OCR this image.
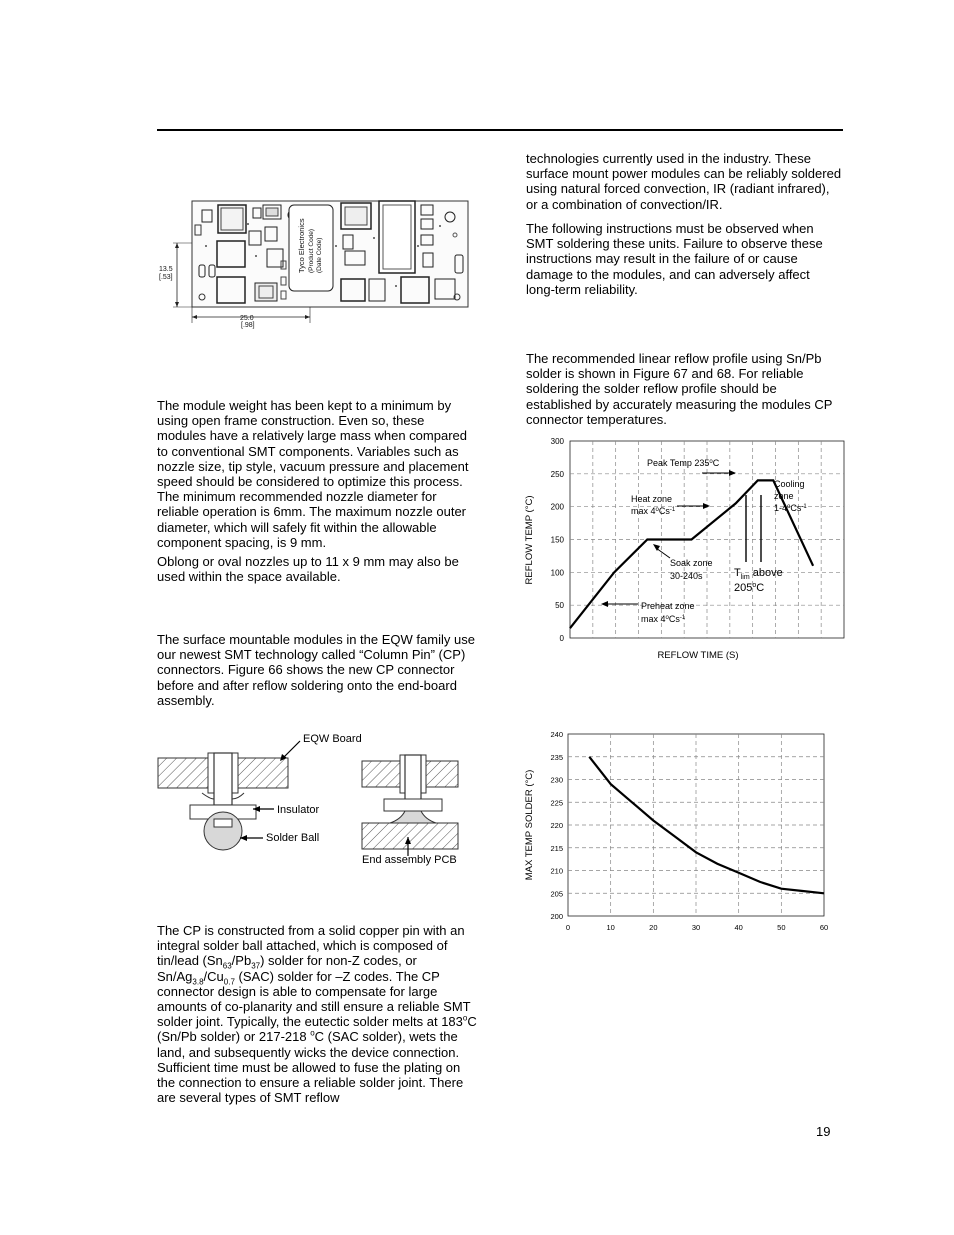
Tyco Electronics (Product Code) (Date Code)
13.5
[.53]
25.0
[.98]

The module weight has been kept to a minimum by using open frame construction. Even so, these modules have a relatively large mass when compared to conventional SMT components. Variables such as nozzle size, tip style, vacuum pressure and placement speed should be considered to optimize this process. The minimum recommended nozzle diameter for reliable operation is 6mm. The maximum nozzle outer diameter, which will safely fit within the allowable component spacing, is 9 mm.

Oblong or oval nozzles up to 11 x 9 mm may also be used within the space available.

The surface mountable modules in the EQW family use our newest SMT technology called “Column Pin” (CP) connectors. Figure 66 shows the new CP connector before and after reflow soldering onto the end-board assembly.

EQW Board
Insulator
Solder Ball
End assembly PCB

The CP is constructed from a solid copper pin with an integral solder ball attached, which is composed of tin/lead $(Sn_{63}/Pb_{37})$ solder for non-Z codes, or $Sn/Ag_{3.8}/Cu_{0.7}$ (SAC) solder for –Z codes. The CP connector design is able to compensate for large amounts of co-planarity and still ensure a reliable SMT solder joint. Typically, the eutectic solder melts at 183$^o$C (Sn/Pb solder) or 217-218 $^o$C (SAC solder), wets the land, and subsequently wicks the device connection. Sufficient time must be allowed to fuse the plating on the connection to ensure a reliable solder joint. There are several types of SMT reflow

technologies currently used in the industry. These surface mount power modules can be reliably soldered using natural forced convection, IR (radiant infrared), or a combination of convection/IR.

The following instructions must be observed when SMT soldering these units. Failure to observe these instructions may result in the failure of or cause damage to the modules, and can adversely affect long-term reliability.

The recommended linear reflow profile using Sn/Pb solder is shown in Figure 67 and 68. For reliable soldering the solder reflow profile should be established by accurately measuring the modules CP connector temperatures.

0
50
100
150
200
250
300
REFLOW TEMP (°C)
REFLOW TIME (S)
Peak Temp 235$^o$C
Heat zone
$\max 4^oCs^{-1}$
Cooling
zone
$1-4^oCs^{-1}$
Soak zone
30-240s	$T_{lim}$ above
205$^o$C
Preheat zone
$\max 4^oCs^{-1}$
200
205
210
215
220
225
230
235
240
0	10	20	30	40	50	60
MAX TEMP SOLDER (°C)
19
